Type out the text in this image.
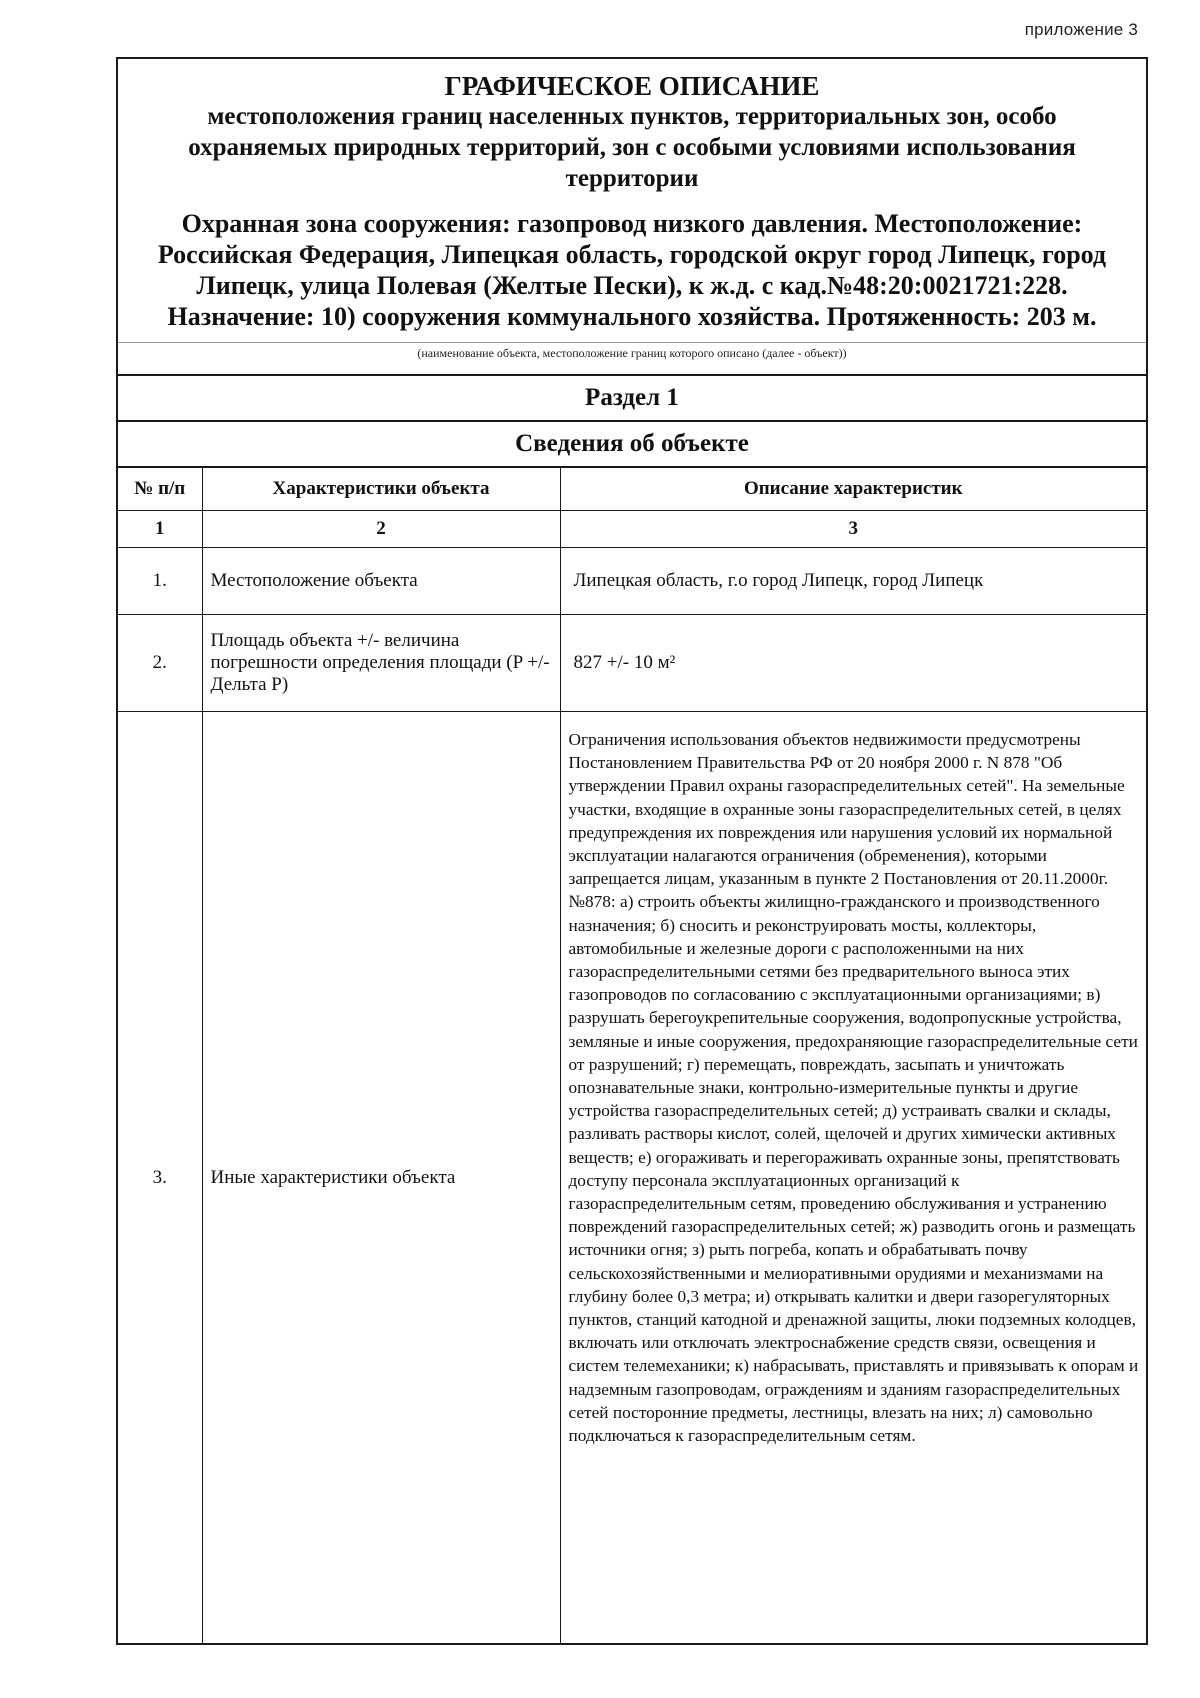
приложение 3
ГРАФИЧЕСКОЕ ОПИСАНИЕ
местоположения границ населенных пунктов, территориальных зон, особо охраняемых природных территорий, зон с особыми условиями использования территории
Охранная зона сооружения: газопровод низкого давления. Местоположение: Российская Федерация, Липецкая область, городской округ город Липецк, город Липецк, улица Полевая (Желтые Пески), к ж.д. с кад.№48:20:0021721:228. Назначение: 10) сооружения коммунального хозяйства. Протяженность: 203 м.
(наименование объекта, местоположение границ которого описано (далее - объект))
Раздел 1
Сведения об объекте
№ п/п	Характеристики объекта	Описание характеристик
1	2	3
1.	Местоположение объекта	Липецкая область, г.о город Липецк, город Липецк
2.	Площадь объекта +/- величина погрешности определения площади (P +/- Дельта P)	827 +/- 10 м²
3.	Иные характеристики объекта	Ограничения использования объектов недвижимости предусмотрены Постановлением Правительства РФ от 20 ноября 2000 г. N 878 "Об утверждении Правил охраны газораспределительных сетей". На земельные участки, входящие в охранные зоны газораспределительных сетей, в целях предупреждения их повреждения или нарушения условий их нормальной эксплуатации налагаются ограничения (обременения), которыми запрещается лицам, указанным в пункте 2 Постановления от 20.11.2000г. №878: а) строить объекты жилищно-гражданского и производственного назначения; б) сносить и реконструировать мосты, коллекторы, автомобильные и железные дороги с расположенными на них газораспределительными сетями без предварительного выноса этих газопроводов по согласованию с эксплуатационными организациями; в) разрушать берегоукрепительные сооружения, водопропускные устройства, земляные и иные сооружения, предохраняющие газораспределительные сети от разрушений; г) перемещать, повреждать, засыпать и уничтожать опознавательные знаки, контрольно-измерительные пункты и другие устройства газораспределительных сетей; д) устраивать свалки и склады, разливать растворы кислот, солей, щелочей и других химически активных веществ; е) огораживать и перегораживать охранные зоны, препятствовать доступу персонала эксплуатационных организаций к газораспределительным сетям, проведению обслуживания и устранению повреждений газораспределительных сетей; ж) разводить огонь и размещать источники огня; з) рыть погреба, копать и обрабатывать почву сельскохозяйственными и мелиоративными орудиями и механизмами на глубину более 0,3 метра; и) открывать калитки и двери газорегуляторных пунктов, станций катодной и дренажной защиты, люки подземных колодцев, включать или отключать электроснабжение средств связи, освещения и систем телемеханики; к) набрасывать, приставлять и привязывать к опорам и надземным газопроводам, ограждениям и зданиям газораспределительных сетей посторонние предметы, лестницы, влезать на них; л) самовольно подключаться к газораспределительным сетям.
